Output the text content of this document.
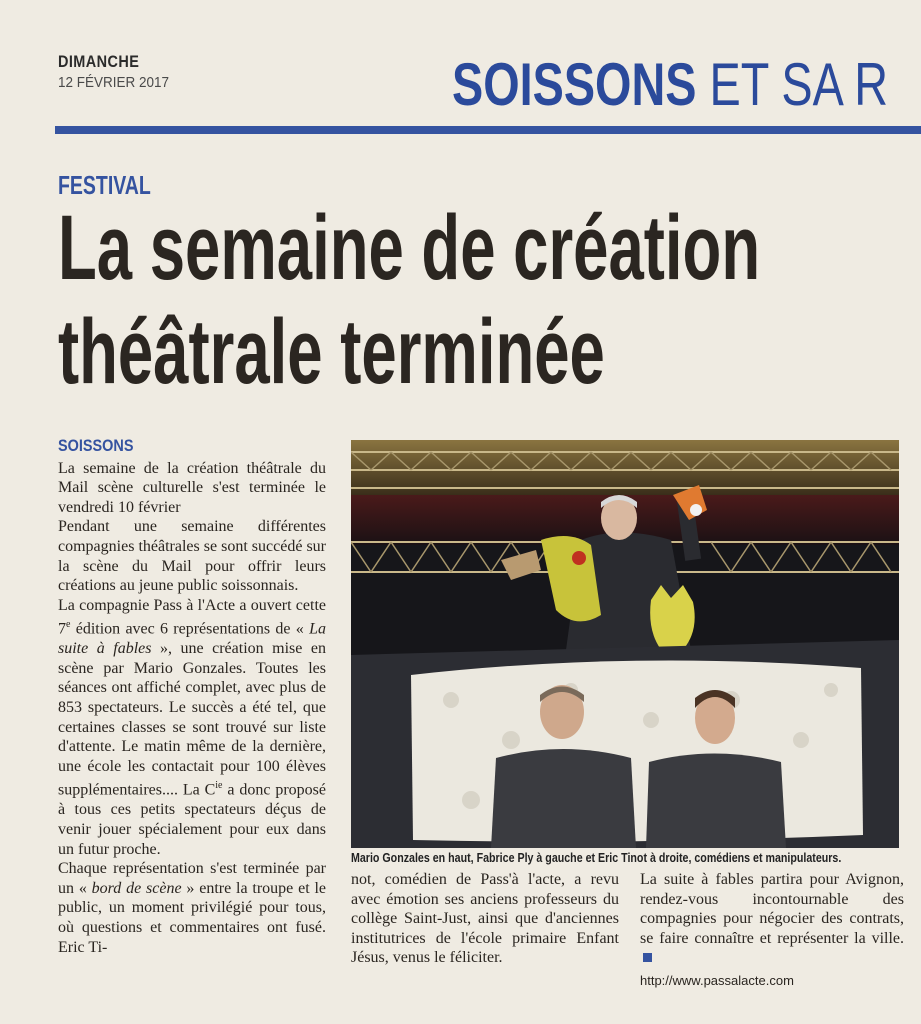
DIMANCHE
12 FÉVRIER 2017	SOISSONS ET SA R
FESTIVAL
La semaine de création
théâtrale terminée
SOISSONS

La semaine de la création théâtrale du Mail scène culturelle s'est terminée le vendredi 10 février

Pendant une semaine différentes compagnies théâtrales se sont succédé sur la scène du Mail pour offrir leurs créations au jeune public soissonnais.

La compagnie Pass à l'Acte a ouvert cette 7e édition avec 6 représentations de « La suite à fables », une création mise en scène par Mario Gonzales. Toutes les séances ont affiché complet, avec plus de 853 spectateurs. Le succès a été tel, que certaines classes se sont trouvé sur liste d'attente. Le matin même de la dernière, une école les contactait pour 100 élèves supplémentaires.... La $C^{ie}$ a donc proposé à tous ces petits spectateurs déçus de venir jouer spécialement pour eux dans un futur proche.

Chaque représentation s'est terminée par un « bord de scène » entre la troupe et le public, un moment privilégié pour tous, où questions et commentaires ont fusé. Eric Ti-

Mario Gonzales en haut, Fabrice Ply à gauche et Eric Tinot à droite, comédiens et manipulateurs.

not, comédien de Pass'à l'acte, a revu avec émotion ses anciens professeurs du collège Saint-Just, ainsi que d'anciennes institutrices de l'école primaire Enfant Jésus, venus le féliciter.

La suite à fables partira pour Avignon, rendez-vous incontournable des compagnies pour négocier des contrats, se faire connaître et représenter la ville.

http://www.passalacte.com
